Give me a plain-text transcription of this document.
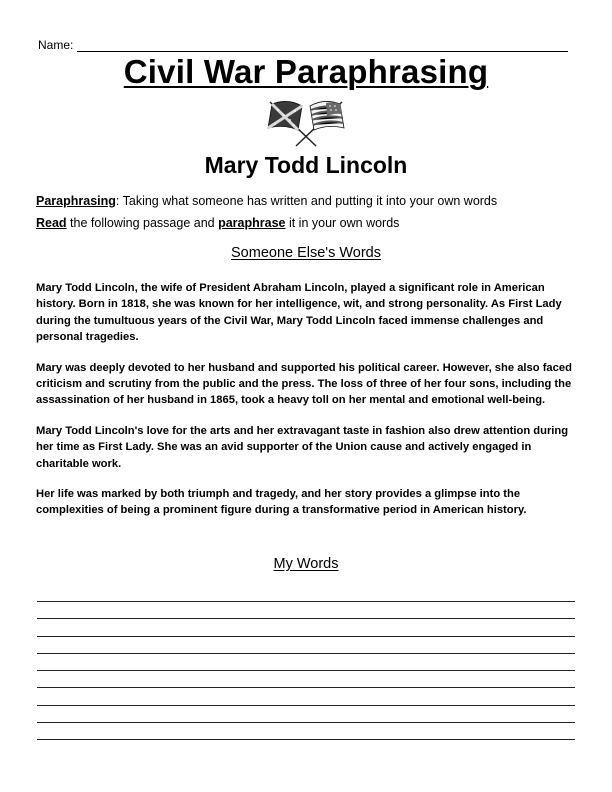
Name:
Civil War Paraphrasing
Mary Todd Lincoln
Paraphrasing: Taking what someone has written and putting it into your own words
Read the following passage and paraphrase it in your own words
Someone Else's Words

Mary Todd Lincoln, the wife of President Abraham Lincoln, played a significant role in American history. Born in 1818, she was known for her intelligence, wit, and strong personality. As First Lady during the tumultuous years of the Civil War, Mary Todd Lincoln faced immense challenges and personal tragedies.

Mary was deeply devoted to her husband and supported his political career. However, she also faced criticism and scrutiny from the public and the press. The loss of three of her four sons, including the assassination of her husband in 1865, took a heavy toll on her mental and emotional well-being.

Mary Todd Lincoln's love for the arts and her extravagant taste in fashion also drew attention during her time as First Lady. She was an avid supporter of the Union cause and actively engaged in charitable work.

Her life was marked by both triumph and tragedy, and her story provides a glimpse into the complexities of being a prominent figure during a transformative period in American history.

My Words
